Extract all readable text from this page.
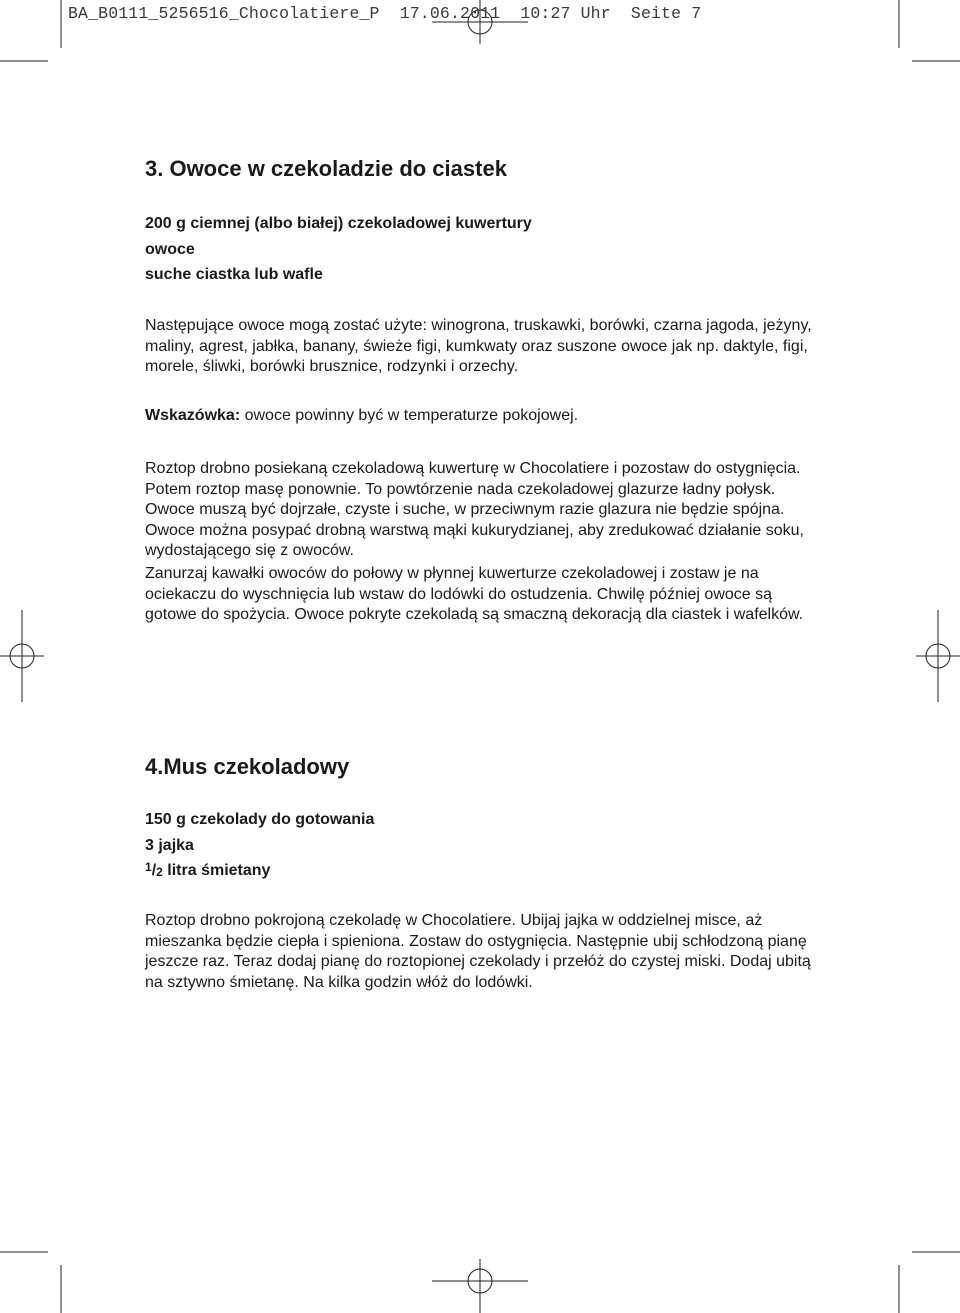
BA_B0111_5256516_Chocolatiere_P  17.06.2011  10:27 Uhr  Seite 7
3. Owoce w czekoladzie do ciastek

200 g ciemnej (albo białej) czekoladowej kuwertury

owoce

suche ciastka lub wafle

Następujące owoce mogą zostać użyte: winogrona, truskawki, borówki, czarna jagoda, jeżyny, maliny, agrest, jabłka, banany, świeże figi, kumkwaty oraz suszone owoce jak np. daktyle, figi, morele, śliwki, borówki brusznice, rodzynki i orzechy.

Wskazówka: owoce powinny być w temperaturze pokojowej.

Roztop drobno posiekaną czekoladową kuwerturę w Chocolatiere i pozostaw do ostygnięcia. Potem roztop masę ponownie. To powtórzenie nada czekoladowej glazurze ładny połysk. Owoce muszą być dojrzałe, czyste i suche, w przeciwnym razie glazura nie będzie spójna. Owoce można posypać drobną warstwą mąki kukurydzianej, aby zredukować działanie soku, wydostającego się z owoców.

Zanurzaj kawałki owoców do połowy w płynnej kuwerturze czekoladowej i zostaw je na ociekaczu do wyschnięcia lub wstaw do lodówki do ostudzenia. Chwilę później owoce są gotowe do spożycia. Owoce pokryte czekoladą są smaczną dekoracją dla ciastek i wafelków.

4.Mus czekoladowy

150 g czekolady do gotowania

3 jajka

$^1$/2 litra śmietany

Roztop drobno pokrojoną czekoladę w Chocolatiere. Ubijaj jajka w oddzielnej misce, aż mieszanka będzie ciepła i spieniona. Zostaw do ostygnięcia. Następnie ubij schłodzoną pianę jeszcze raz. Teraz dodaj pianę do roztopionej czekolady i przełóż do czystej miski. Dodaj ubitą na sztywno śmietanę. Na kilka godzin włóż do lodówki.
